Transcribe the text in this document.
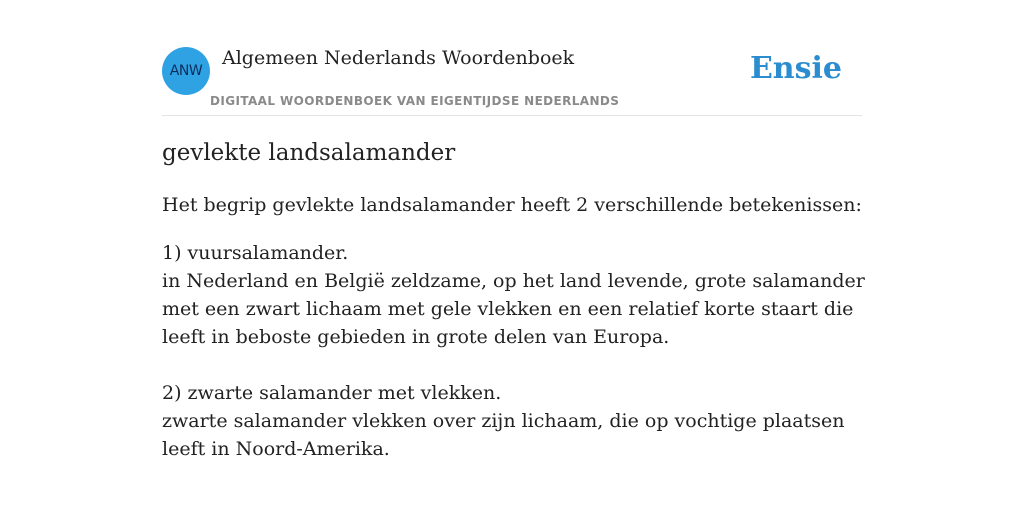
ANW
Algemeen Nederlands Woordenboek
DIGITAAL WOORDENBOEK VAN EIGENTIJDSE NEDERLANDS
Ensie
gevlekte landsalamander
Het begrip gevlekte landsalamander heeft 2 verschillende betekenissen:
1) vuursalamander.
in Nederland en België zeldzame, op het land levende, grote salamander met een zwart lichaam met gele vlekken en een relatief korte staart die leeft in beboste gebieden in grote delen van Europa.
2) zwarte salamander met vlekken.
zwarte salamander vlekken over zijn lichaam, die op vochtige plaatsen leeft in Noord-Amerika.
